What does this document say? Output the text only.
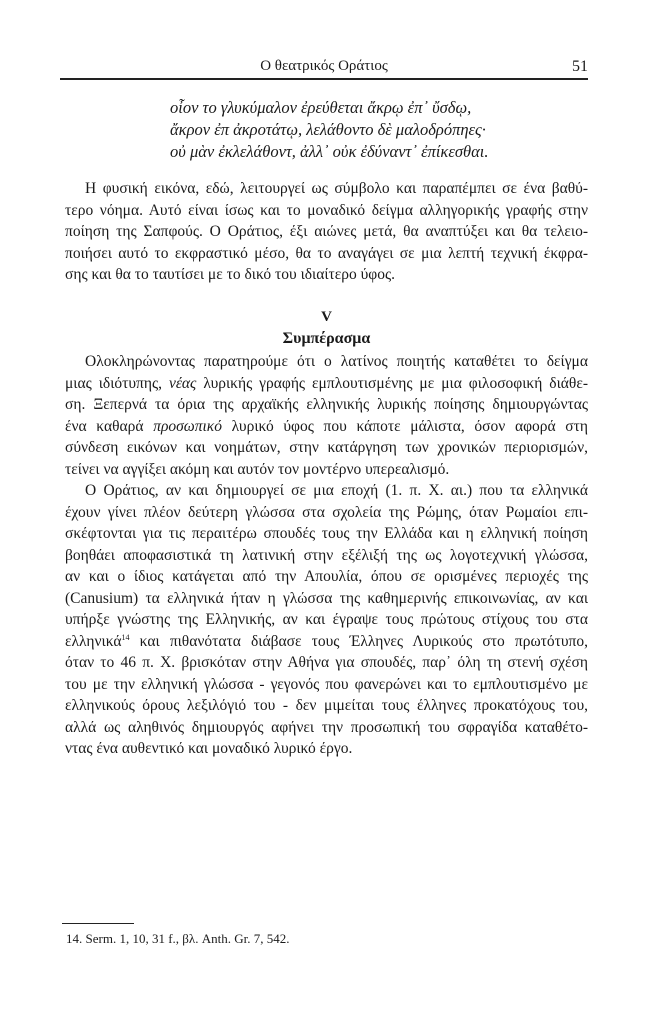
Ο θεατρικός Οράτιος	51
οἶον το γλυκύμαλον ἐρεύθεται ἄκρῳ ἐπ᾽ ὔσδῳ,
ἄκρον ἐπ ἀκροτάτῳ, λελάθοντο δὲ μαλοδρόπηες·
οὐ μὰν ἐκλελάθοντ, ἀλλ᾽ οὐκ ἐδύναντ᾽ ἐπίκεσθαι.
Η φυσική εικόνα, εδώ, λειτουργεί ως σύμβολο και παραπέμπει σε ένα βαθύ-
τερο νόημα. Αυτό είναι ίσως και το μοναδικό δείγμα αλληγορικής γραφής στην
ποίηση της Σαπφούς. Ο Οράτιος, έξι αιώνες μετά, θα αναπτύξει και θα τελειο-
ποιήσει αυτό το εκφραστικό μέσο, θα το αναγάγει σε μια λεπτή τεχνική έκφρα-
σης και θα το ταυτίσει με το δικό του ιδιαίτερο ύφος.
V
Συμπέρασμα
Ολοκληρώνοντας παρατηρούμε ότι ο λατίνος ποιητής καταθέτει το δείγμα
μιας ιδιότυπης, νέας λυρικής γραφής εμπλουτισμένης με μια φιλοσοφική διάθε-
ση. Ξεπερνά τα όρια της αρχαϊκής ελληνικής λυρικής ποίησης δημιουργώντας
ένα καθαρά προσωπικό λυρικό ύφος που κάποτε μάλιστα, όσον αφορά στη
σύνδεση εικόνων και νοημάτων, στην κατάργηση των χρονικών περιορισμών,
τείνει να αγγίξει ακόμη και αυτόν τον μοντέρνο υπερεαλισμό.
Ο Οράτιος, αν και δημιουργεί σε μια εποχή (1. π. Χ. αι.) που τα ελληνικά
έχουν γίνει πλέον δεύτερη γλώσσα στα σχολεία της Ρώμης, όταν Ρωμαίοι επι-
σκέφτονται για τις περαιτέρω σπουδές τους την Ελλάδα και η ελληνική ποίηση
βοηθάει αποφασιστικά τη λατινική στην εξέλιξή της ως λογοτεχνική γλώσσα,
αν και ο ίδιος κατάγεται από την Απουλία, όπου σε ορισμένες περιοχές της
(Canusium) τα ελληνικά ήταν η γλώσσα της καθημερινής επικοινωνίας, αν και
υπήρξε γνώστης της Ελληνικής, αν και έγραψε τους πρώτους στίχους του στα
ελληνικά$^{14}$ και πιθανότατα διάβασε τους Έλληνες Λυρικούς στο πρωτότυπο,
όταν το 46 π. Χ. βρισκόταν στην Αθήνα για σπουδές, παρ᾽ όλη τη στενή σχέση
του με την ελληνική γλώσσα - γεγονός που φανερώνει και το εμπλουτισμένο με
ελληνικούς όρους λεξιλόγιό του - δεν μιμείται τους έλληνες προκατόχους του,
αλλά ως αληθινός δημιουργός αφήνει την προσωπική του σφραγίδα καταθέτο-
ντας ένα αυθεντικό και μοναδικό λυρικό έργο.
14. Serm. 1, 10, 31 f., βλ. Anth. Gr. 7, 542.
